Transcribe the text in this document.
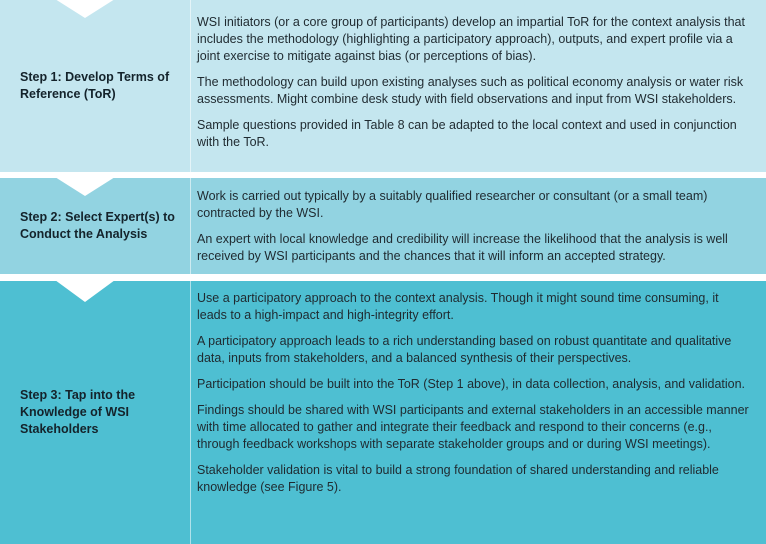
Step 1: Develop Terms of Reference (ToR)

WSI initiators (or a core group of participants) develop an impartial ToR for the context analysis that includes the methodology (highlighting a participatory approach), outputs, and expert profile via a joint exercise to mitigate against bias (or perceptions of bias).

The methodology can build upon existing analyses such as political economy analysis or water risk assessments. Might combine desk study with field observations and input from WSI stakeholders.

Sample questions provided in Table 8 can be adapted to the local context and used in conjunction with the ToR.

Step 2: Select Expert(s) to Conduct the Analysis

Work is carried out typically by a suitably qualified researcher or consultant (or a small team) contracted by the WSI.

An expert with local knowledge and credibility will increase the likelihood that the analysis is well received by WSI participants and the chances that it will inform an accepted strategy.

Step 3: Tap into the Knowledge of WSI Stakeholders

Use a participatory approach to the context analysis. Though it might sound time consuming, it leads to a high-impact and high-integrity effort.

A participatory approach leads to a rich understanding based on robust quantitate and qualitative data, inputs from stakeholders, and a balanced synthesis of their perspectives.

Participation should be built into the ToR (Step 1 above), in data collection, analysis, and validation.

Findings should be shared with WSI participants and external stakeholders in an accessible manner with time allocated to gather and integrate their feedback and respond to their concerns (e.g., through feedback workshops with separate stakeholder groups and or during WSI meetings).

Stakeholder validation is vital to build a strong foundation of shared understanding and reliable knowledge (see Figure 5).
